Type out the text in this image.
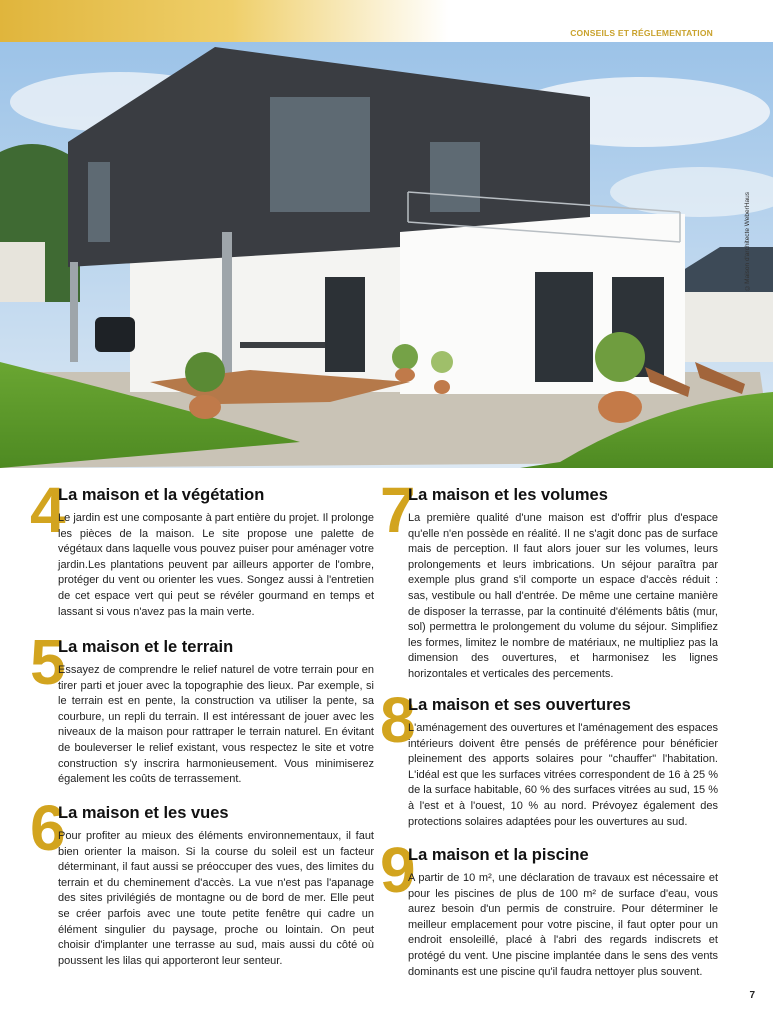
CONSEILS ET RÉGLEMENTATION
©Maison d'architecte WeberHaus
4
La maison et la végétation

Le jardin est une composante à part entière du projet. Il prolonge les pièces de la maison. Le site propose une palette de végétaux dans laquelle vous pouvez puiser pour aménager votre jardin.Les plantations peuvent par ailleurs apporter de l'ombre, protéger du vent ou orienter les vues. Songez aussi à l'entretien de cet espace vert qui peut se révéler gourmand en temps et lassant si vous n'avez pas la main verte.

5
La maison et le terrain

Essayez de comprendre le relief naturel de votre terrain pour en tirer parti et jouer avec la topographie des lieux. Par exemple, si le terrain est en pente, la construction va utiliser la pente, sa courbure, un repli du terrain. Il est intéressant de jouer avec les niveaux de la maison pour rattraper le terrain naturel. En évitant de bouleverser le relief existant, vous respectez le site et votre construction s'y inscrira harmonieusement. Vous minimiserez également les coûts de terrassement.

6
La maison et les vues

Pour profiter au mieux des éléments environnementaux, il faut bien orienter la maison. Si la course du soleil est un facteur déterminant, il faut aussi se préoccuper des vues, des limites du terrain et du cheminement d'accès. La vue n'est pas l'apanage des sites privilégiés de montagne ou de bord de mer. Elle peut se créer parfois avec une toute petite fenêtre qui cadre un élément singulier du paysage, proche ou lointain. On peut choisir d'implanter une terrasse au sud, mais aussi du côté où poussent les lilas qui apporteront leur senteur.

7
La maison et les volumes

La première qualité d'une maison est d'offrir plus d'espace qu'elle n'en possède en réalité. Il ne s'agit donc pas de surface mais de perception. Il faut alors jouer sur les volumes, leurs prolongements et leurs imbrications. Un séjour paraîtra par exemple plus grand s'il comporte un espace d'accès réduit : sas, vestibule ou hall d'entrée. De même une certaine manière de disposer la terrasse, par la continuité d'éléments bâtis (mur, sol) permettra le prolongement du volume du séjour. Simplifiez les formes, limitez le nombre de matériaux, ne multipliez pas la dimension des ouvertures, et harmonisez les lignes horizontales et verticales des percements.

8
La maison et ses ouvertures

L'aménagement des ouvertures et l'aménagement des espaces intérieurs doivent être pensés de préférence pour bénéficier pleinement des apports solaires pour "chauffer" l'habitation. L'idéal est que les surfaces vitrées correspondent de 16 à 25 % de la surface habitable, 60 % des surfaces vitrées au sud, 15 % à l'est et à l'ouest, 10 % au nord. Prévoyez également des protections solaires adaptées pour les ouvertures au sud.

9
La maison et la piscine

A partir de 10 m², une déclaration de travaux est nécessaire et pour les piscines de plus de 100 m² de surface d'eau, vous aurez besoin d'un permis de construire. Pour déterminer le meilleur emplacement pour votre piscine, il faut opter pour un endroit ensoleillé, placé à l'abri des regards indiscrets et protégé du vent. Une piscine implantée dans le sens des vents dominants est une piscine qu'il faudra nettoyer plus souvent.

7
